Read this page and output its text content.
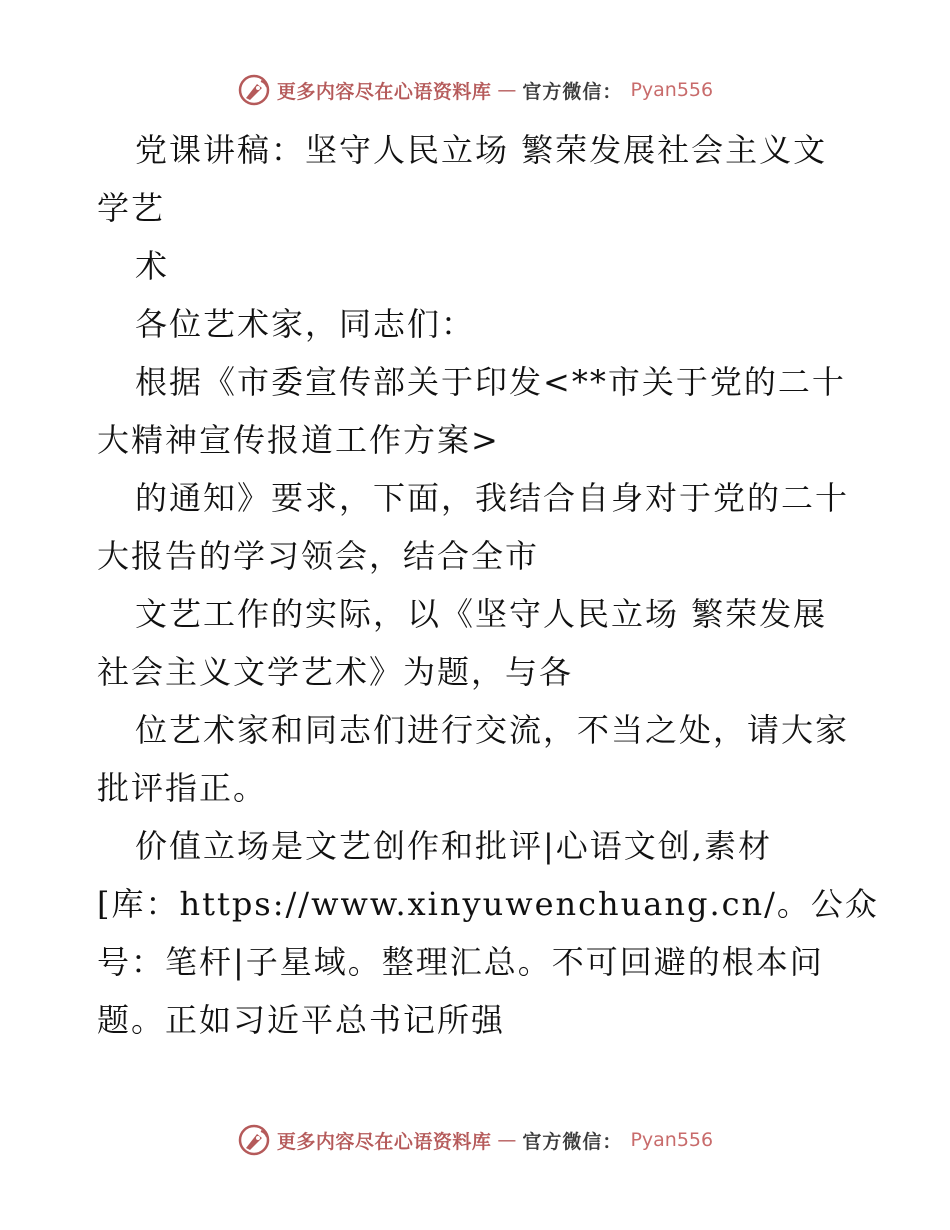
更多内容尽在心语资料库 — 官方微信： Pyan556
党课讲稿：坚守人民立场 繁荣发展社会主义文
学艺
术
各位艺术家，同志们：
根据《市委宣传部关于印发<**市关于党的二十
大精神宣传报道工作方案>
的通知》要求，下面，我结合自身对于党的二十
大报告的学习领会，结合全市
文艺工作的实际，以《坚守人民立场 繁荣发展
社会主义文学艺术》为题，与各
位艺术家和同志们进行交流，不当之处，请大家
批评指正。
价值立场是文艺创作和批评|心语文创,素材
[库：https://www.xinyuwenchuang.cn/。公众
号：笔杆|子星域。整理汇总。不可回避的根本问
题。正如习近平总书记所强
更多内容尽在心语资料库 — 官方微信： Pyan556
